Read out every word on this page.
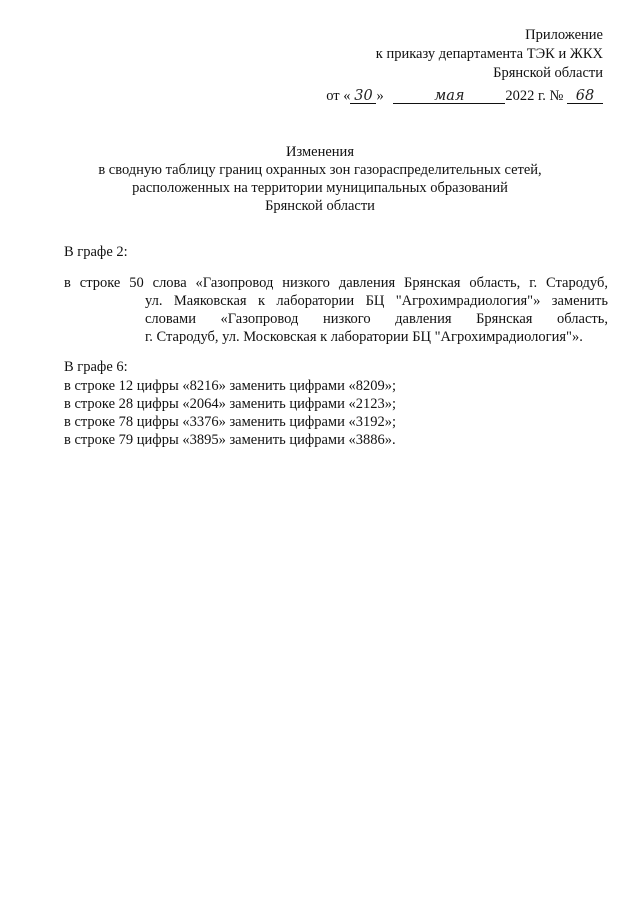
Приложение
к приказу департамента ТЭК и ЖКХ
Брянской области
от « 30 »	мая	2022 г. № 68
Изменения
в сводную таблицу границ охранных зон газораспределительных сетей,
расположенных на территории муниципальных образований
Брянской области
В графе 2:
в строке 50 слова «Газопровод низкого давления Брянская область, г. Стародуб,
ул. Маяковская к лаборатории БЦ "Агрохимрадиология"» заменить
словами «Газопровод низкого давления Брянская область,
г. Стародуб, ул. Московская к лаборатории БЦ "Агрохимрадиология"».
В графе 6:
в строке 12 цифры «8216» заменить цифрами «8209»;
в строке 28 цифры «2064» заменить цифрами «2123»;
в строке 78 цифры «3376» заменить цифрами «3192»;
в строке 79 цифры «3895» заменить цифрами «3886».
